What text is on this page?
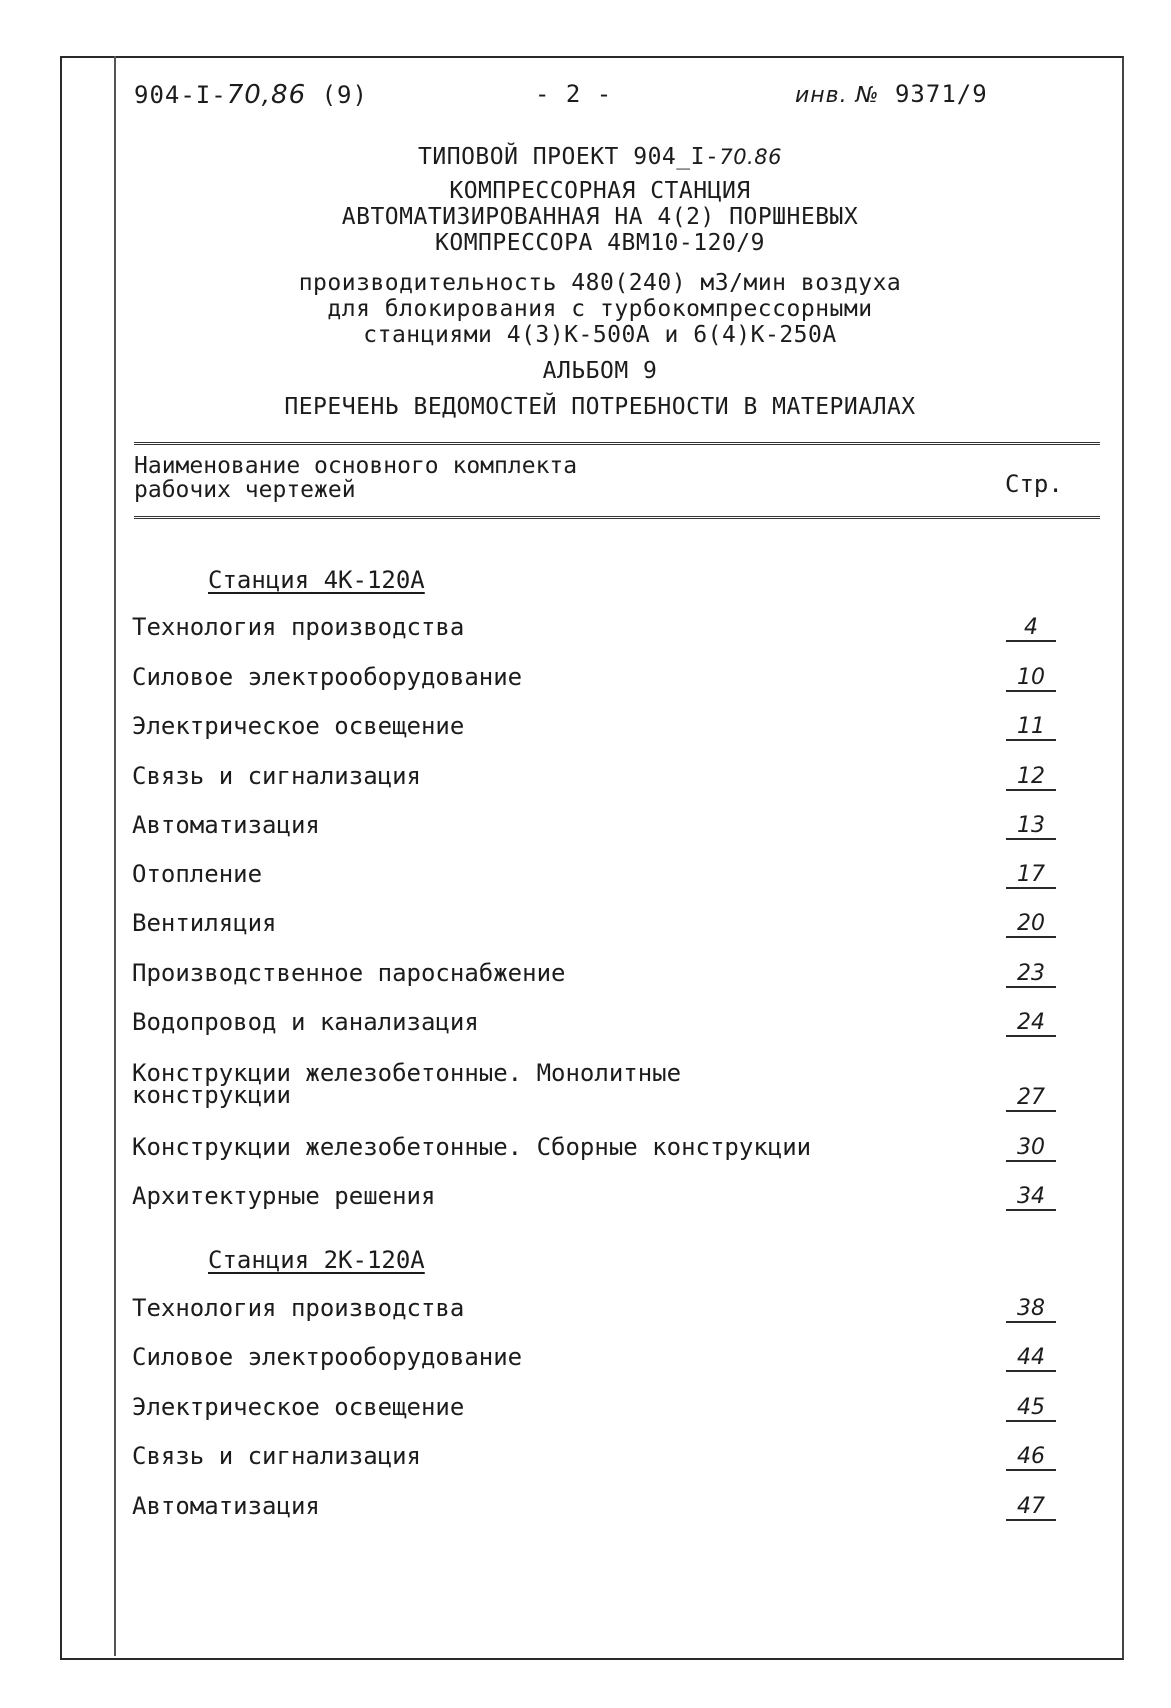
904-I-70,86 (9)	- 2 -	инв. № 9371/9
ТИПОВОЙ ПРОЕКТ 904_I-70.86
КОМПРЕССОРНАЯ СТАНЦИЯ
АВТОМАТИЗИРОВАННАЯ НА 4(2) ПОРШНЕВЫХ
КОМПРЕССОРА 4ВМ10-120/9
производительность 480(240) м3/мин воздуха
для блокирования с турбокомпрессорными
станциями 4(3)К-500А и 6(4)К-250А
АЛЬБОМ 9
ПЕРЕЧЕНЬ ВЕДОМОСТЕЙ ПОТРЕБНОСТИ В МАТЕРИАЛАХ
Наименование основного комплекта
рабочих чертежей	Стр.
Станция 4К-120А
Технология производства	4
Силовое электрооборудование	10
Электрическое освещение	11
Связь и сигнализация	12
Автоматизация	13
Отопление	17
Вентиляция	20
Производственное пароснабжение	23
Водопровод и канализация	24
Конструкции железобетонные. Монолитные
конструкции	27
Конструкции железобетонные. Сборные конструкции	30
Архитектурные решения	34
Станция 2К-120А
Технология производства	38
Силовое электрооборудование	44
Электрическое освещение	45
Связь и сигнализация	46
Автоматизация	47
